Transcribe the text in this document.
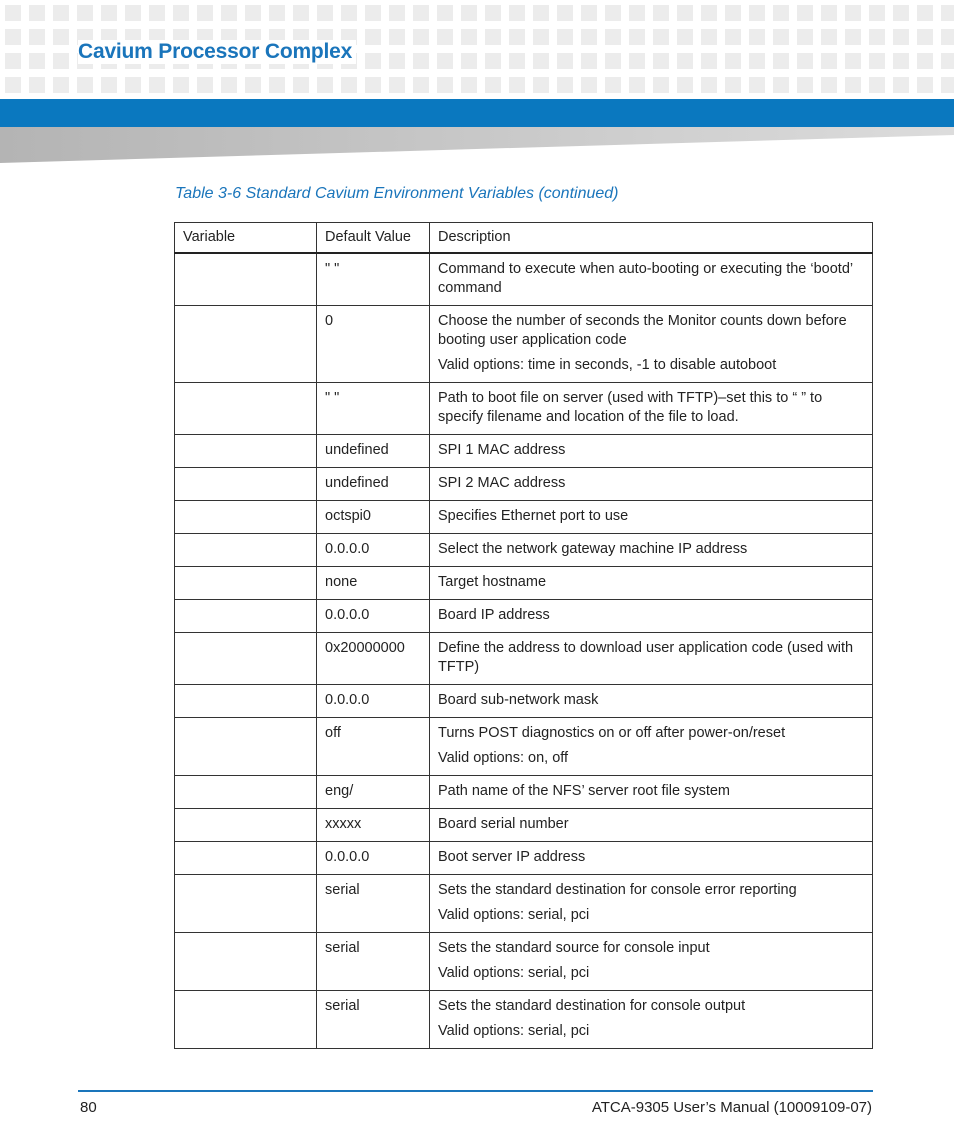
Cavium Processor Complex

Table 3-6 Standard Cavium Environment Variables (continued)

Variable	Default Value	Description
	" "	Command to execute when auto-booting or executing the ‘bootd’ command

	0	Choose the number of seconds the Monitor counts down before booting user application code

Valid options: time in seconds, -1 to disable autoboot

	" "	Path to boot file on server (used with TFTP)–set this to “ ” to specify filename and location of the file to load.

	undefined	SPI 1 MAC address

	undefined	SPI 2 MAC address

	octspi0	Specifies Ethernet port to use

	0.0.0.0	Select the network gateway machine IP address

	none	Target hostname

	0.0.0.0	Board IP address

	0x20000000	Define the address to download user application code (used with TFTP)

	0.0.0.0	Board sub-network mask

	off	Turns POST diagnostics on or off after power-on/reset

Valid options: on, off

	eng/	Path name of the NFS’ server root file system

	xxxxx	Board serial number

	0.0.0.0	Boot server IP address

	serial	Sets the standard destination for console error reporting

Valid options: serial, pci

	serial	Sets the standard source for console input

Valid options: serial, pci

	serial	Sets the standard destination for console output

Valid options: serial, pci

80	ATCA-9305 User’s Manual (10009109-07)
